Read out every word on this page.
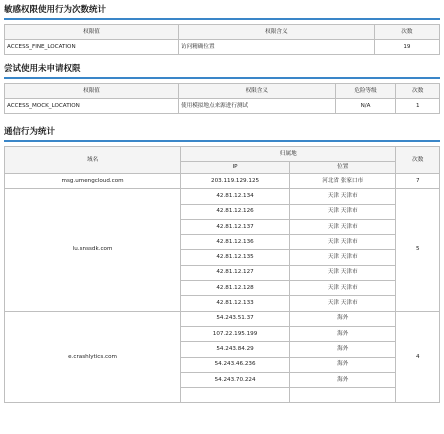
敏感权限使用行为次数统计
权限值	权限含义	次数
ACCESS_FINE_LOCATION	访问精确位置	19
尝试使用未申请权限
权限值	权限含义	危险等级	次数
ACCESS_MOCK_LOCATION	使用模拟地点来源进行测试	N/A	1
通信行为统计
域名	归属地		次数
	IP	位置	
msg.umengcloud.com	203.119.129.125	河北省 张家口市	7
lu.snssdk.com	42.81.12.134	天津 天津市	5
	42.81.12.126	天津 天津市	
	42.81.12.137	天津 天津市	
	42.81.12.136	天津 天津市	
	42.81.12.135	天津 天津市	
	42.81.12.127	天津 天津市	
	42.81.12.128	天津 天津市	
	42.81.12.133	天津 天津市	
e.crashlytics.com	54.243.51.37	海外	4
	107.22.195.199	海外	
	54.243.84.29	海外	
	54.243.46.236	海外	
	54.243.70.224	海外	
